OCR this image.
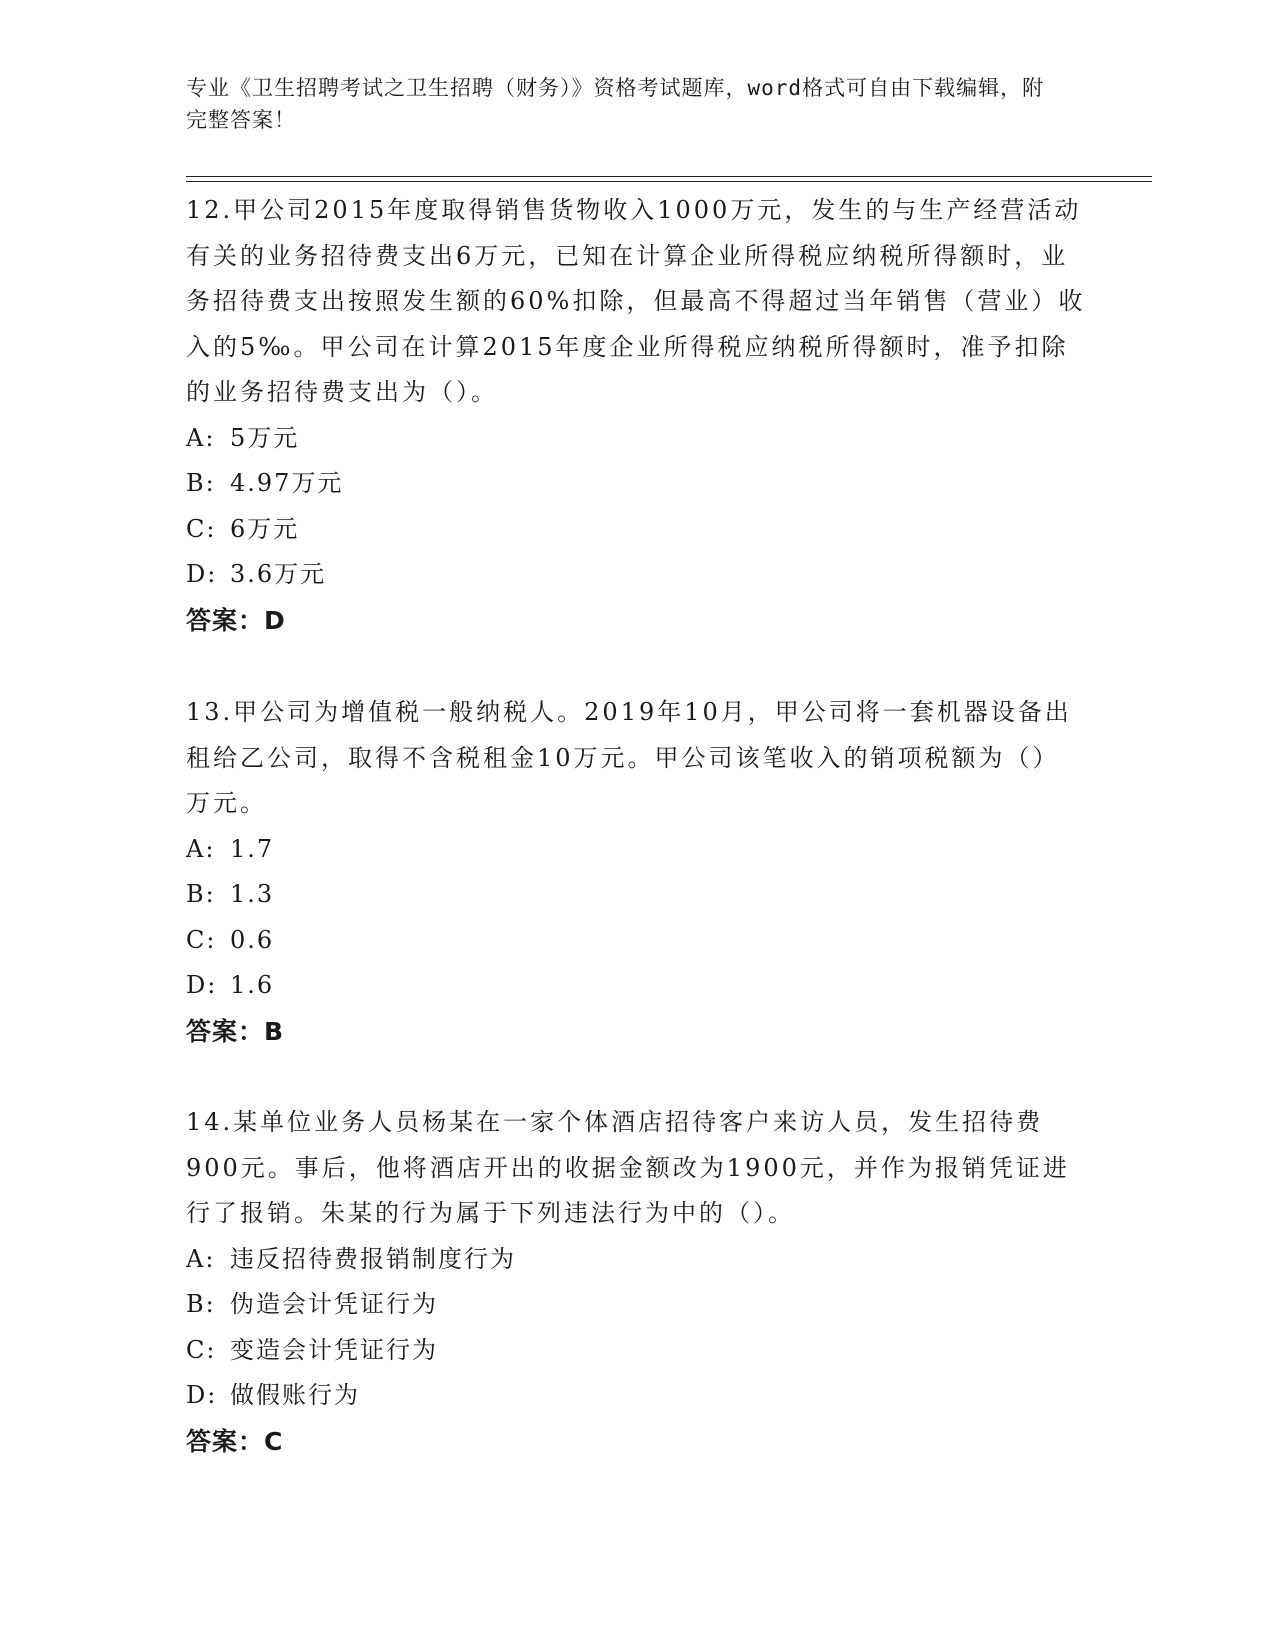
专业《卫生招聘考试之卫生招聘（财务）》资格考试题库，word格式可自由下载编辑，附完整答案！

12.甲公司2015年度取得销售货物收入1000万元，发生的与生产经营活动有关的业务招待费支出6万元，已知在计算企业所得税应纳税所得额时，业务招待费支出按照发生额的60%扣除，但最高不得超过当年销售（营业）收入的5‰。甲公司在计算2015年度企业所得税应纳税所得额时，准予扣除的业务招待费支出为（）。

A: 5万元
B: 4.97万元
C: 6万元
D: 3.6万元
答案：D

13.甲公司为增值税一般纳税人。2019年10月，甲公司将一套机器设备出租给乙公司，取得不含税租金10万元。甲公司该笔收入的销项税额为（）万元。

A: 1.7
B: 1.3
C: 0.6
D: 1.6
答案：B

14.某单位业务人员杨某在一家个体酒店招待客户来访人员，发生招待费900元。事后，他将酒店开出的收据金额改为1900元，并作为报销凭证进行了报销。朱某的行为属于下列违法行为中的（）。

A: 违反招待费报销制度行为
B: 伪造会计凭证行为
C: 变造会计凭证行为
D: 做假账行为
答案：C
